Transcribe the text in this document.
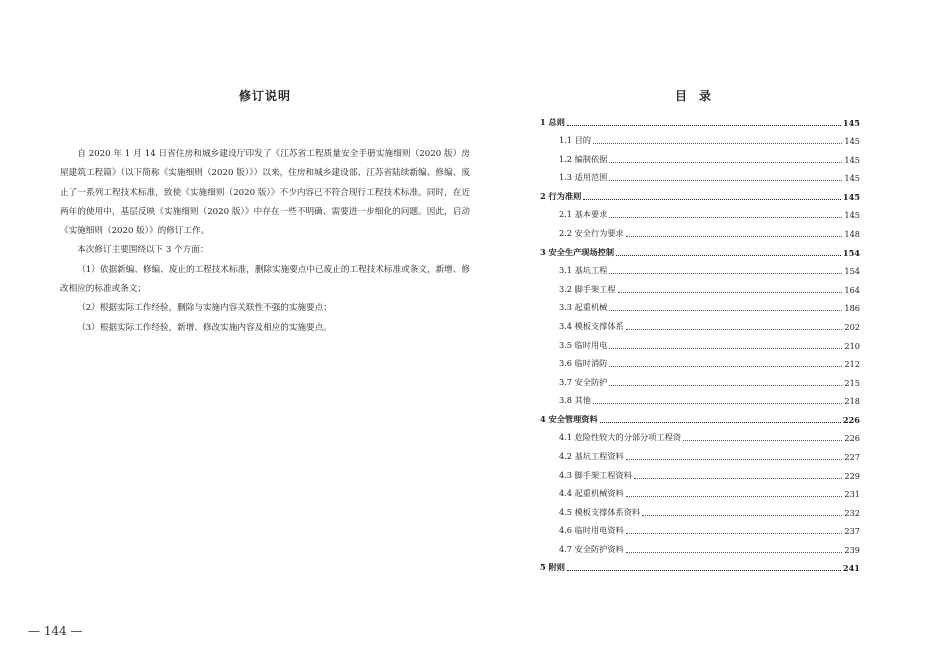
修订说明

自 2020 年 1 月 14 日省住房和城乡建设厅印发了《江苏省工程质量安全手册实施细则（2020 版）房屋建筑工程篇》（以下简称《实施细则（2020 版）》）以来，住房和城乡建设部、江苏省陆续新编、修编、废止了一系列工程技术标准，致使《实施细则（2020 版）》不少内容已不符合现行工程技术标准。同时，在近两年的使用中，基层反映《实施细则（2020 版）》中存在一些不明确、需要进一步细化的问题。因此，启动《实施细则（2020 版）》的修订工作。

本次修订主要围绕以下 3 个方面：

（1）依据新编、修编、废止的工程技术标准，删除实施要点中已废止的工程技术标准或条文，新增、修改相应的标准或条文；

（2）根据实际工作经验，删除与实施内容关联性不强的实施要点；

（3）根据实际工作经验，新增、修改实施内容及相应的实施要点。

— 144 —
目　录
1 总则	145
1.1 目的	145
1.2 编制依据	145
1.3 适用范围	145
2 行为准则	145
2.1 基本要求	145
2.2 安全行为要求	148
3 安全生产现场控制	154
3.1 基坑工程	154
3.2 脚手架工程	164
3.3 起重机械	186
3.4 模板支撑体系	202
3.5 临时用电	210
3.6 临时消防	212
3.7 安全防护	215
3.8 其他	218
4 安全管理资料	226
4.1 危险性较大的分部分项工程资	226
4.2 基坑工程资料	227
4.3 脚手架工程资料	229
4.4 起重机械资料	231
4.5 模板支撑体系资料	232
4.6 临时用电资料	237
4.7 安全防护资料	239
5 附则	241
